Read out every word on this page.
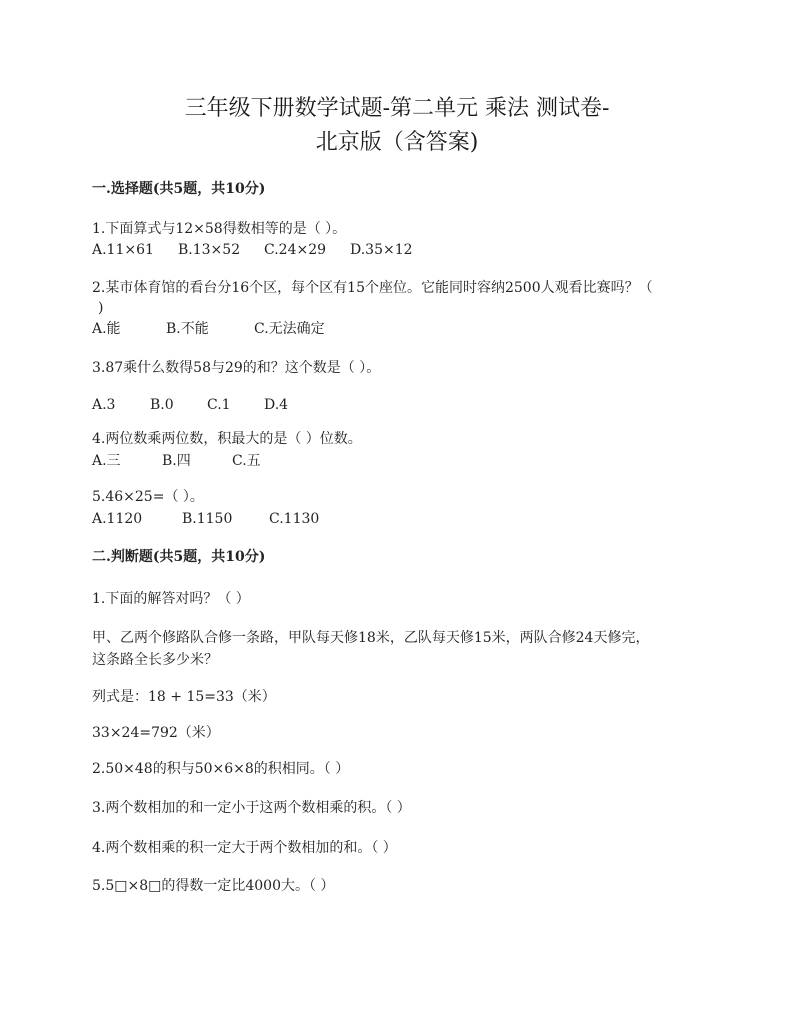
三年级下册数学试题-第二单元 乘法 测试卷-
北京版（含答案)
一.选择题(共5题，共10分)
1.下面算式与12×58得数相等的是（ ）。
A.11×61	B.13×52	C.24×29	D.35×12
2.某市体育馆的看台分16个区，每个区有15个座位。它能同时容纳2500人观看比赛吗？（
)
A.能	B.不能	C.无法确定
3.87乘什么数得58与29的和？这个数是（ ）。
A.3	B.0	C.1	D.4
4.两位数乘两位数，积最大的是（ ）位数。
A.三	B.四	C.五
5.46×25=（ ）。
A.1120	B.1150	C.1130
二.判断题(共5题，共10分)
1.下面的解答对吗？（ ）
甲、乙两个修路队合修一条路，甲队每天修18米，乙队每天修15米，两队合修24天修完，
这条路全长多少米？
列式是：18 + 15=33（米）
33×24=792（米）
2.50×48的积与50×6×8的积相同。（ ）
3.两个数相加的和一定小于这两个数相乘的积。（ ）
4.两个数相乘的积一定大于两个数相加的和。（ ）
5.5□×8□的得数一定比4000大。（ ）
